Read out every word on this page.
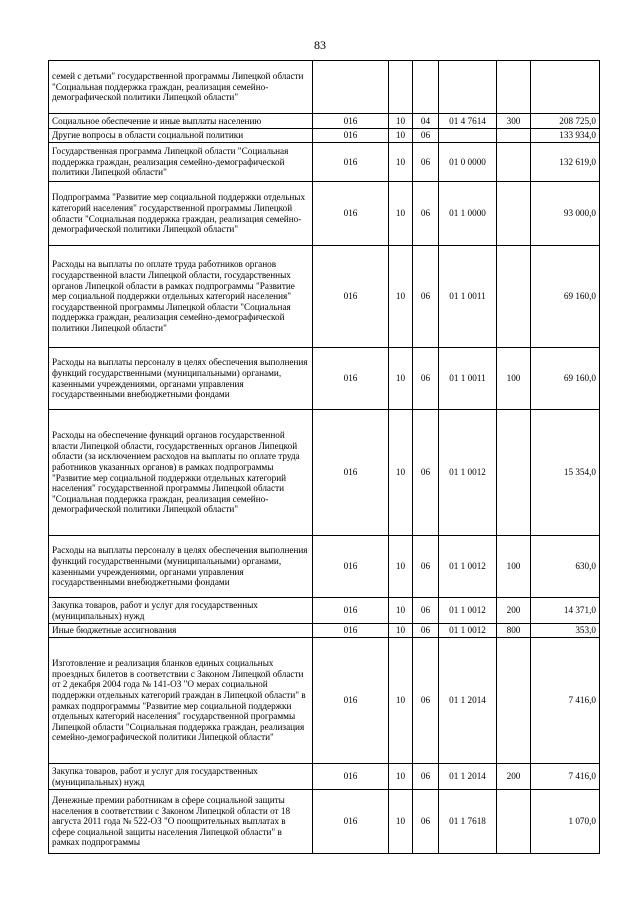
83
семей с детьми" государственной программы Липецкой области "Социальная поддержка граждан, реализация семейно-демографической политики Липецкой области"						
Социальное обеспечение и иные выплаты населению	016	10	04	01 4 7614	300	208 725,0
Другие вопросы в области социальной политики	016	10	06			133 934,0
Государственная программа Липецкой области "Социальная поддержка граждан, реализация семейно-демографической политики Липецкой области"	016	10	06	01 0 0000		132 619,0
Подпрограмма "Развитие мер социальной поддержки отдельных категорий населения" государственной программы Липецкой области "Социальная поддержка граждан, реализация семейно-демографической политики Липецкой области"	016	10	06	01 1 0000		93 000,0
Расходы на выплаты по оплате труда работников органов государственной власти Липецкой области, государственных органов Липецкой области в рамках подпрограммы "Развитие мер социальной поддержки отдельных категорий населения" государственной программы Липецкой области "Социальная поддержка граждан, реализация семейно-демографической политики Липецкой области"	016	10	06	01 1 0011		69 160,0
Расходы на выплаты персоналу в целях обеспечения выполнения функций государственными (муниципальными) органами, казенными учреждениями, органами управления государственными внебюджетными фондами	016	10	06	01 1 0011	100	69 160,0
Расходы на обеспечение функций органов государственной власти Липецкой области, государственных органов Липецкой области (за исключением расходов на выплаты по оплате труда работников указанных органов) в рамках подпрограммы "Развитие мер социальной поддержки отдельных категорий населения" государственной программы Липецкой области "Социальная поддержка граждан, реализация семейно-демографической политики Липецкой области"	016	10	06	01 1 0012		15 354,0
Расходы на выплаты персоналу в целях обеспечения выполнения функций государственными (муниципальными) органами, казенными учреждениями, органами управления государственными внебюджетными фондами	016	10	06	01 1 0012	100	630,0
Закупка товаров, работ и услуг для государственных (муниципальных) нужд	016	10	06	01 1 0012	200	14 371,0
Иные бюджетные ассигнования	016	10	06	01 1 0012	800	353,0
Изготовление и реализация бланков единых социальных проездных билетов в соответствии с Законом Липецкой области от 2 декабря 2004 года № 141-ОЗ "О мерах социальной поддержки отдельных категорий граждан в Липецкой области" в рамках подпрограммы "Развитие мер социальной поддержки отдельных категорий населения" государственной программы Липецкой области "Социальная поддержка граждан, реализация семейно-демографической политики Липецкой области"	016	10	06	01 1 2014		7 416,0
Закупка товаров, работ и услуг для государственных (муниципальных) нужд	016	10	06	01 1 2014	200	7 416,0
Денежные премии работникам в сфере социальной защиты населения в соответствии с Законом Липецкой области от 18 августа 2011 года № 522-ОЗ "О поощрительных выплатах в сфере социальной защиты населения Липецкой области" в рамках подпрограммы	016	10	06	01 1 7618		1 070,0
